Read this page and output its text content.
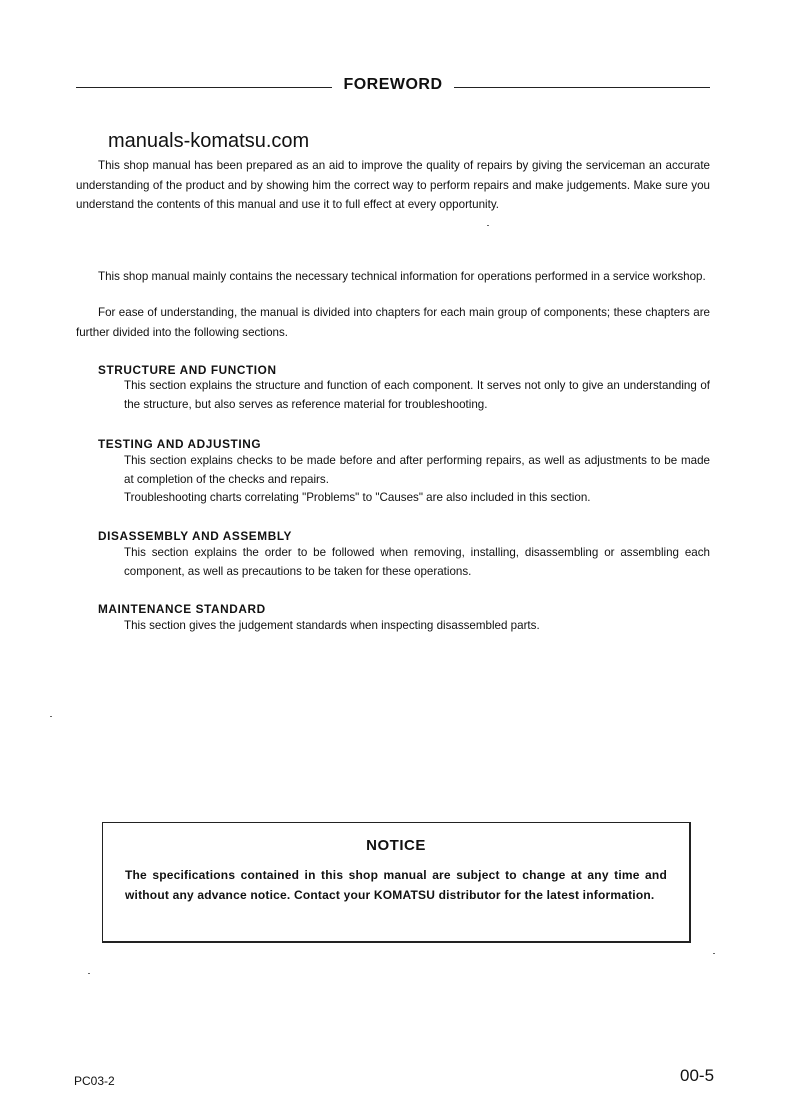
FOREWORD
manuals-komatsu.com

This shop manual has been prepared as an aid to improve the quality of repairs by giving the serviceman an accurate understanding of the product and by showing him the correct way to perform repairs and make judgements. Make sure you understand the contents of this manual and use it to full effect at every opportunity.

This shop manual mainly contains the necessary technical information for operations performed in a service workshop.

For ease of understanding, the manual is divided into chapters for each main group of components; these chapters are further divided into the following sections.

STRUCTURE AND FUNCTION
This section explains the structure and function of each component. It serves not only to give an understanding of the structure, but also serves as reference material for troubleshooting.
TESTING AND ADJUSTING
This section explains checks to be made before and after performing repairs, as well as adjustments to be made at completion of the checks and repairs.
Troubleshooting charts correlating "Problems" to "Causes" are also included in this section.
DISASSEMBLY AND ASSEMBLY
This section explains the order to be followed when removing, installing, disassembling or assembling each component, as well as precautions to be taken for these operations.
MAINTENANCE STANDARD
This section gives the judgement standards when inspecting disassembled parts.
NOTICE
The specifications contained in this shop manual are subject to change at any time and without any advance notice. Contact your KOMATSU distributor for the latest information.
PC03-2	00-5
